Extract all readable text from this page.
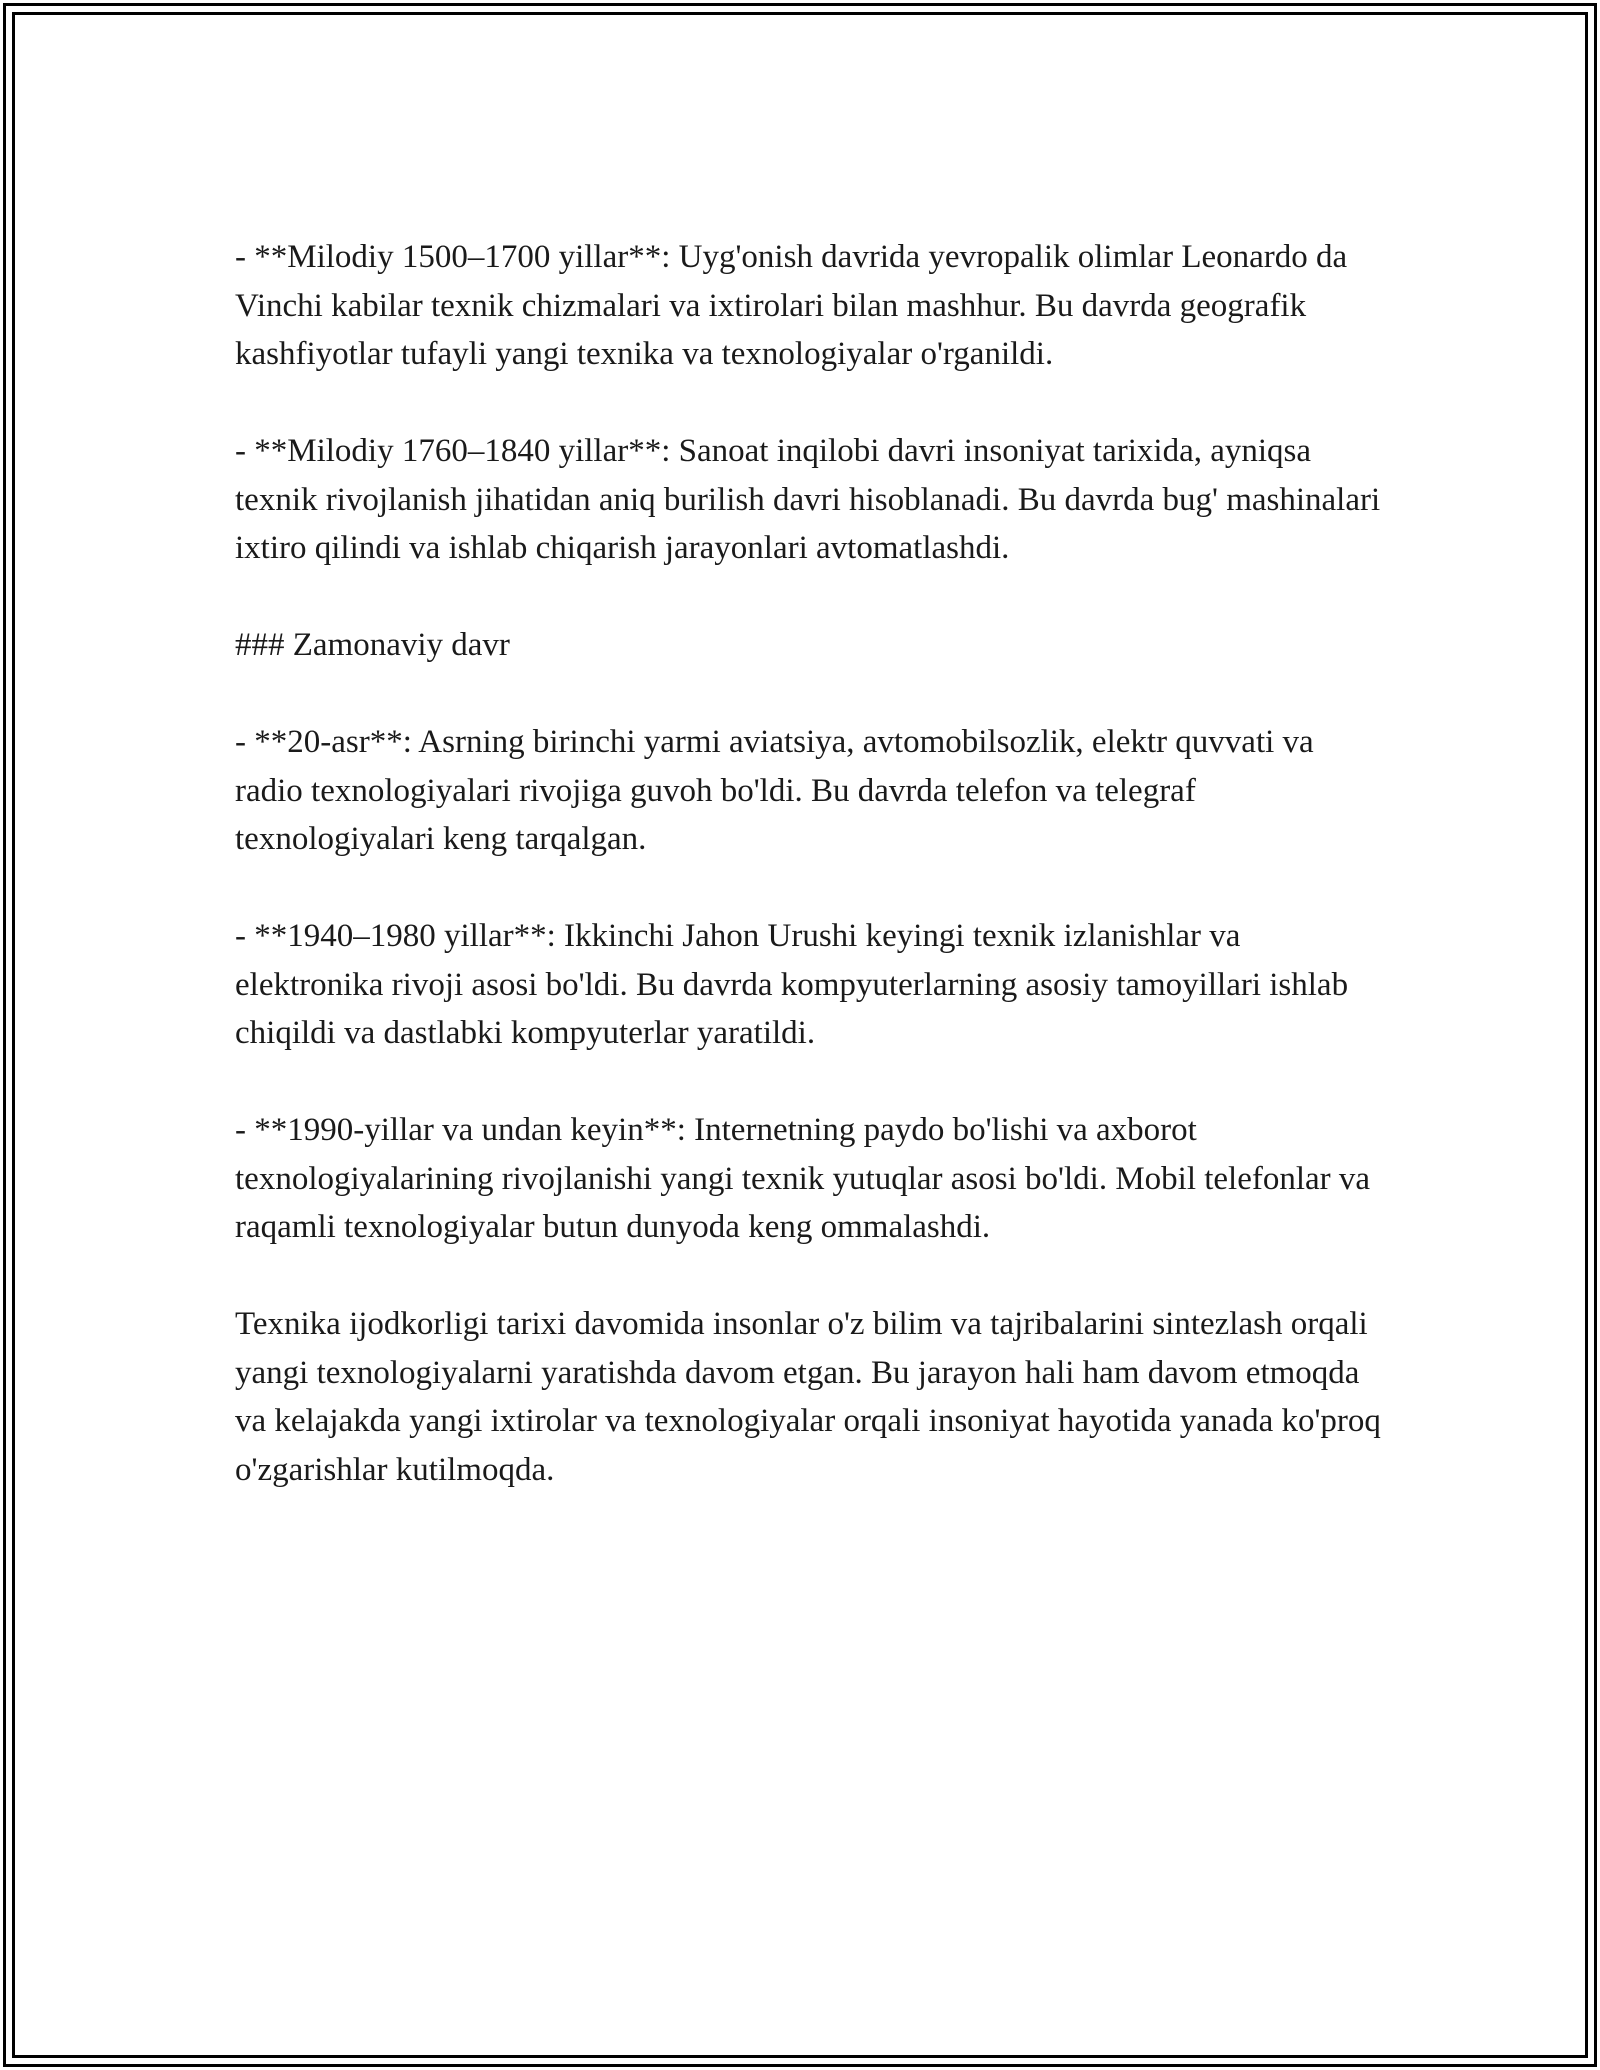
- **Milodiy 1500–1700 yillar**: Uyg'onish davrida yevropalik olimlar Leonardo da Vinchi kabilar texnik chizmalari va ixtirolari bilan mashhur. Bu davrda geografik kashfiyotlar tufayli yangi texnika va texnologiyalar o'rganildi.

- **Milodiy 1760–1840 yillar**: Sanoat inqilobi davri insoniyat tarixida, ayniqsa texnik rivojlanish jihatidan aniq burilish davri hisoblanadi. Bu davrda bug' mashinalari ixtiro qilindi va ishlab chiqarish jarayonlari avtomatlashdi.

### Zamonaviy davr

- **20-asr**: Asrning birinchi yarmi aviatsiya, avtomobilsozlik, elektr quvvati va radio texnologiyalari rivojiga guvoh bo'ldi. Bu davrda telefon va telegraf texnologiyalari keng tarqalgan.

- **1940–1980 yillar**: Ikkinchi Jahon Urushi keyingi texnik izlanishlar va elektronika rivoji asosi bo'ldi. Bu davrda kompyuterlarning asosiy tamoyillari ishlab chiqildi va dastlabki kompyuterlar yaratildi.

- **1990-yillar va undan keyin**: Internetning paydo bo'lishi va axborot texnologiyalarining rivojlanishi yangi texnik yutuqlar asosi bo'ldi. Mobil telefonlar va raqamli texnologiyalar butun dunyoda keng ommalashdi.

Texnika ijodkorligi tarixi davomida insonlar o'z bilim va tajribalarini sintezlash orqali yangi texnologiyalarni yaratishda davom etgan. Bu jarayon hali ham davom etmoqda va kelajakda yangi ixtirolar va texnologiyalar orqali insoniyat hayotida yanada ko'proq o'zgarishlar kutilmoqda.
